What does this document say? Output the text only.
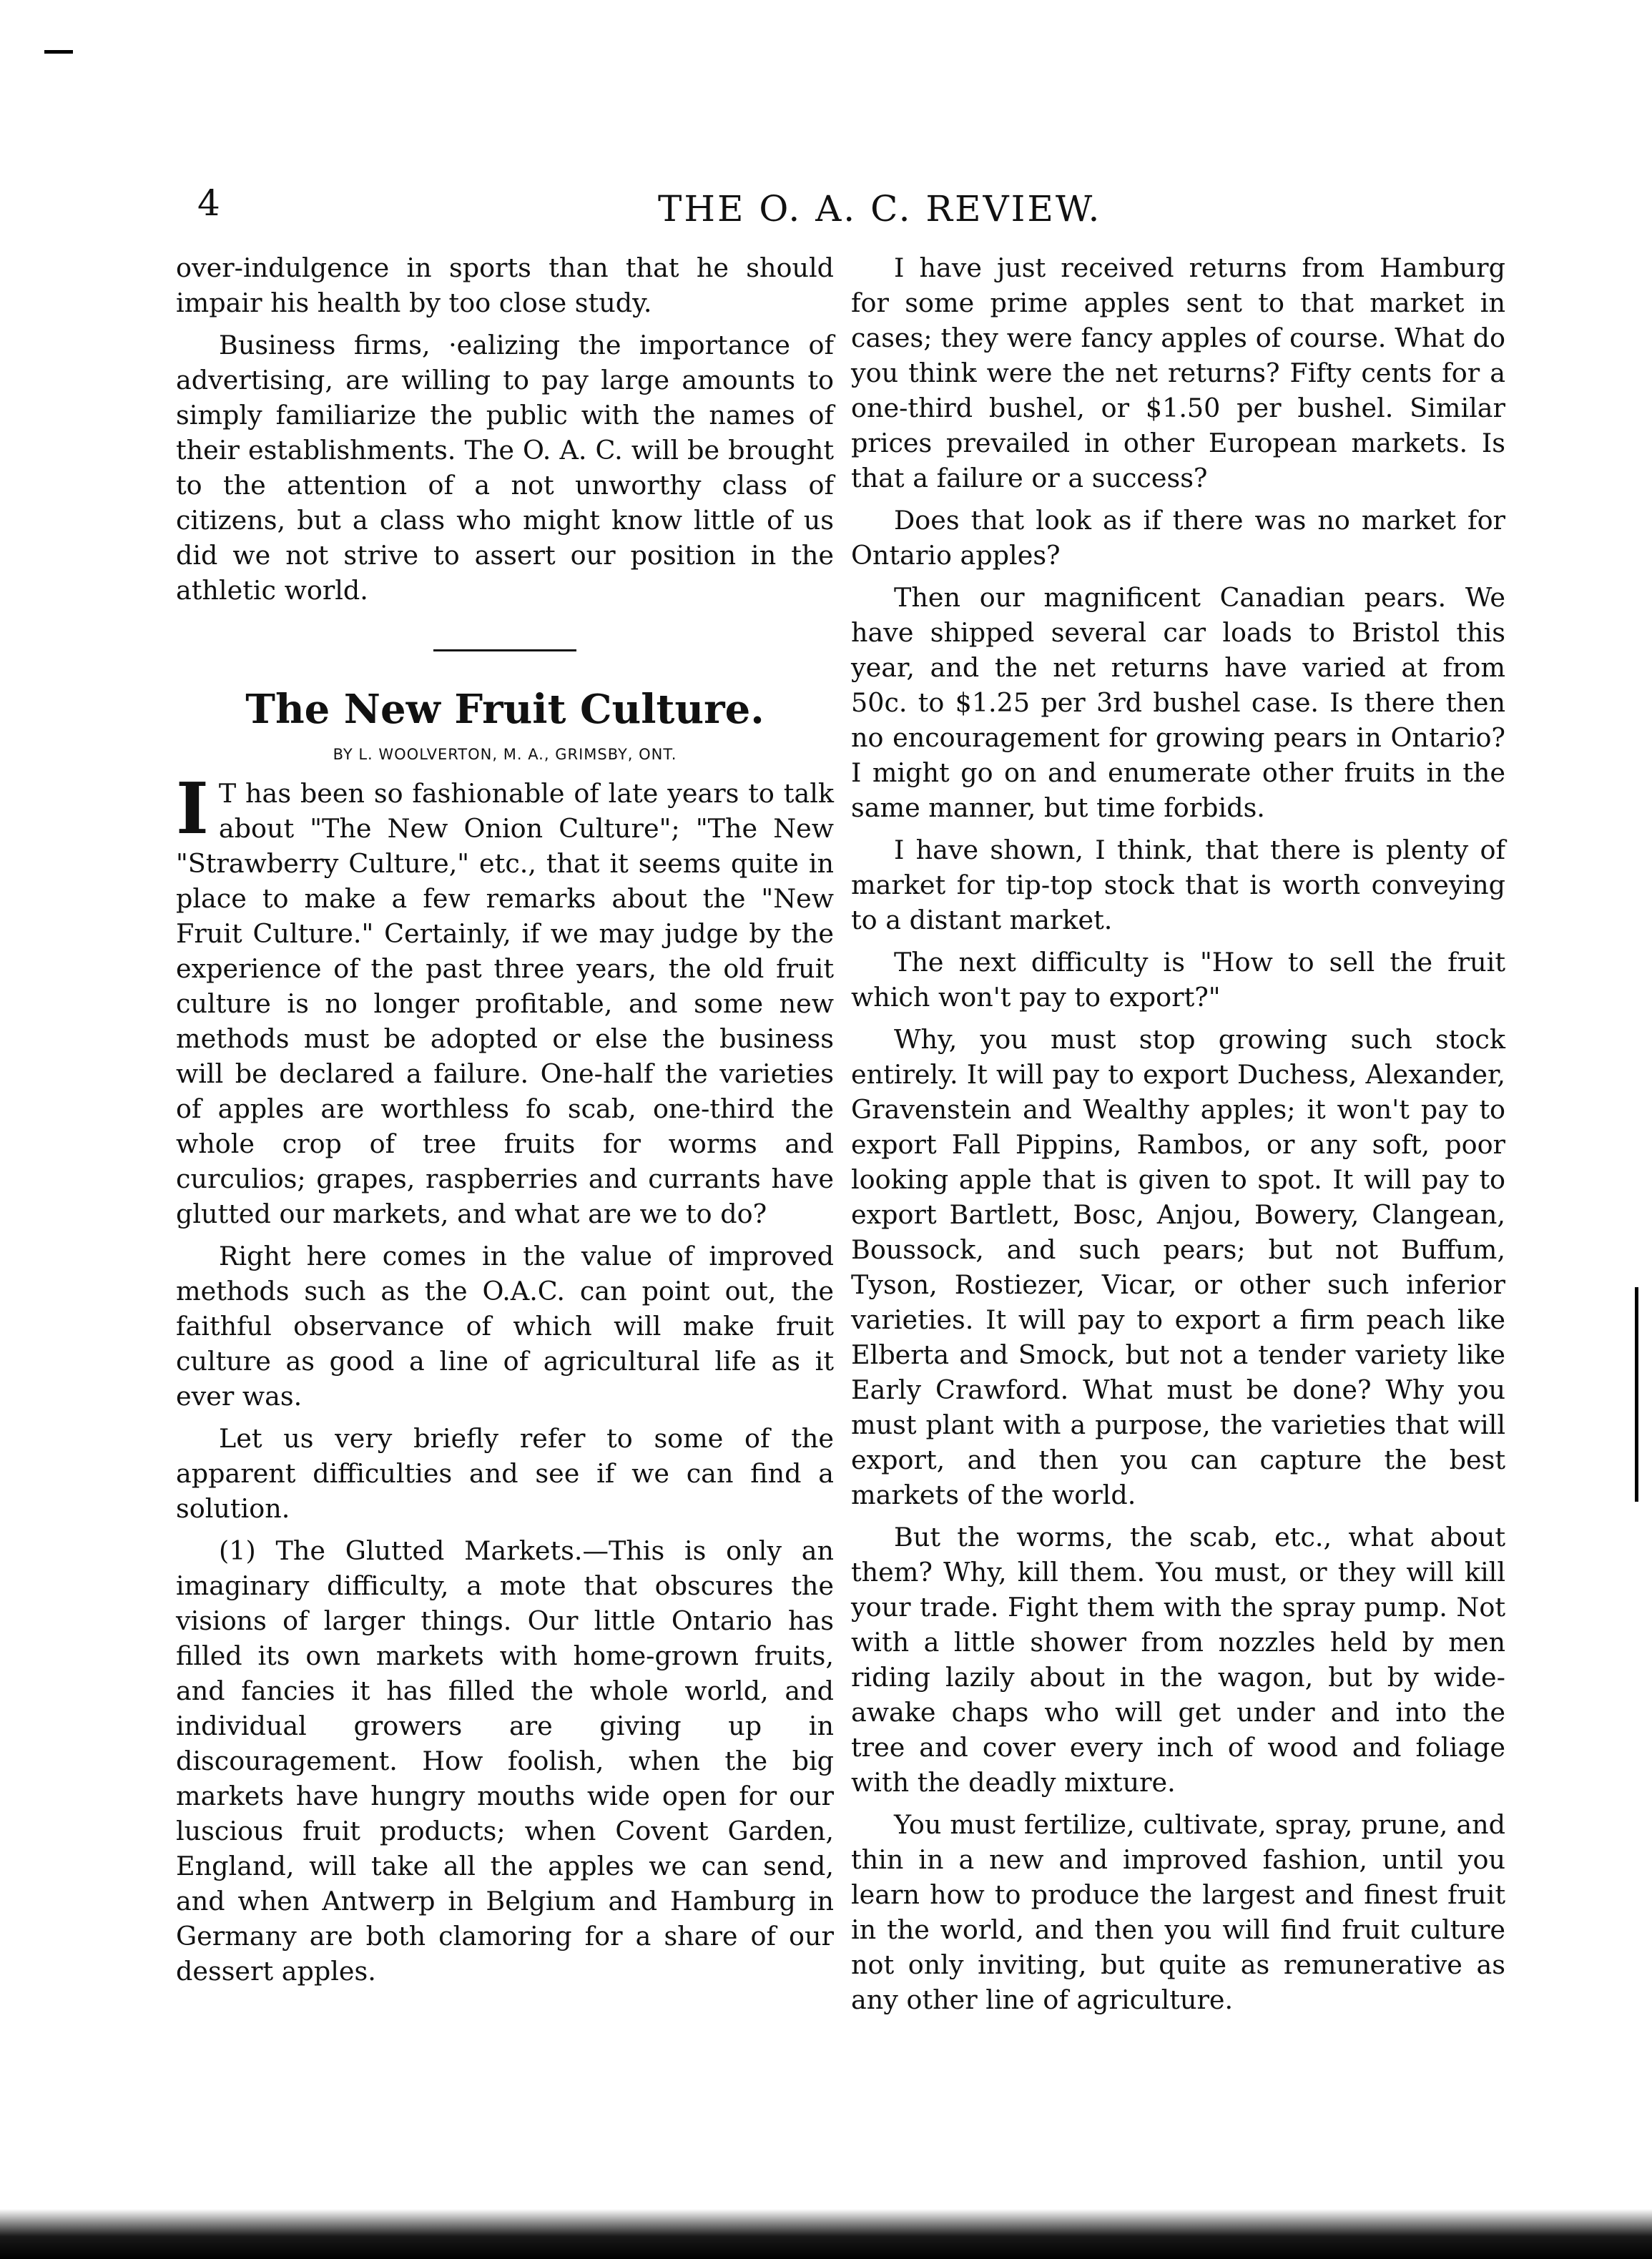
4	THE O. A. C. REVIEW.

over-indulgence in sports than that he should impair his health by too close study.

Business firms, ·ealizing the importance of advertising, are willing to pay large amounts to simply familiarize the public with the names of their establishments. The O. A. C. will be brought to the attention of a not unworthy class of citizens, but a class who might know little of us did we not strive to assert our position in the athletic world.

The New Fruit Culture.
BY L. WOOLVERTON, M. A., GRIMSBY, ONT.

I T has been so fashionable of late years to talk about "The New Onion Culture"; "The New "Strawberry Culture," etc., that it seems quite in place to make a few remarks about the "New Fruit Culture." Certainly, if we may judge by the experience of the past three years, the old fruit culture is no longer profitable, and some new methods must be adopted or else the business will be declared a failure. One-half the varieties of apples are worthless fo scab, one-third the whole crop of tree fruits for worms and curculios; grapes, raspberries and currants have glutted our markets, and what are we to do?

Right here comes in the value of improved methods such as the O.A.C. can point out, the faithful observance of which will make fruit culture as good a line of agricultural life as it ever was.

Let us very briefly refer to some of the apparent difficulties and see if we can find a solution.

(1) The Glutted Markets.—This is only an imaginary difficulty, a mote that obscures the visions of larger things. Our little Ontario has filled its own markets with home-grown fruits, and fancies it has filled the whole world, and individual growers are giving up in discouragement. How foolish, when the big markets have hungry mouths wide open for our luscious fruit products; when Covent Garden, England, will take all the apples we can send, and when Antwerp in Belgium and Hamburg in Germany are both clamoring for a share of our dessert apples.

I have just received returns from Hamburg for some prime apples sent to that market in cases; they were fancy apples of course. What do you think were the net returns? Fifty cents for a one-third bushel, or $1.50 per bushel. Similar prices prevailed in other European markets. Is that a failure or a success?

Does that look as if there was no market for Ontario apples?

Then our magnificent Canadian pears. We have shipped several car loads to Bristol this year, and the net returns have varied at from 50c. to $1.25 per 3rd bushel case. Is there then no encouragement for growing pears in Ontario? I might go on and enumerate other fruits in the same manner, but time forbids.

I have shown, I think, that there is plenty of market for tip-top stock that is worth conveying to a distant market.

The next difficulty is "How to sell the fruit which won't pay to export?"

Why, you must stop growing such stock entirely. It will pay to export Duchess, Alexander, Gravenstein and Wealthy apples; it won't pay to export Fall Pippins, Rambos, or any soft, poor looking apple that is given to spot. It will pay to export Bartlett, Bosc, Anjou, Bowery, Clangean, Boussock, and such pears; but not Buffum, Tyson, Rostiezer, Vicar, or other such inferior varieties. It will pay to export a firm peach like Elberta and Smock, but not a tender variety like Early Crawford. What must be done? Why you must plant with a purpose, the varieties that will export, and then you can capture the best markets of the world.

But the worms, the scab, etc., what about them? Why, kill them. You must, or they will kill your trade. Fight them with the spray pump. Not with a little shower from nozzles held by men riding lazily about in the wagon, but by wide-awake chaps who will get under and into the tree and cover every inch of wood and foliage with the deadly mixture.

You must fertilize, cultivate, spray, prune, and thin in a new and improved fashion, until you learn how to produce the largest and finest fruit in the world, and then you will find fruit culture not only inviting, but quite as remunerative as any other line of agriculture.
